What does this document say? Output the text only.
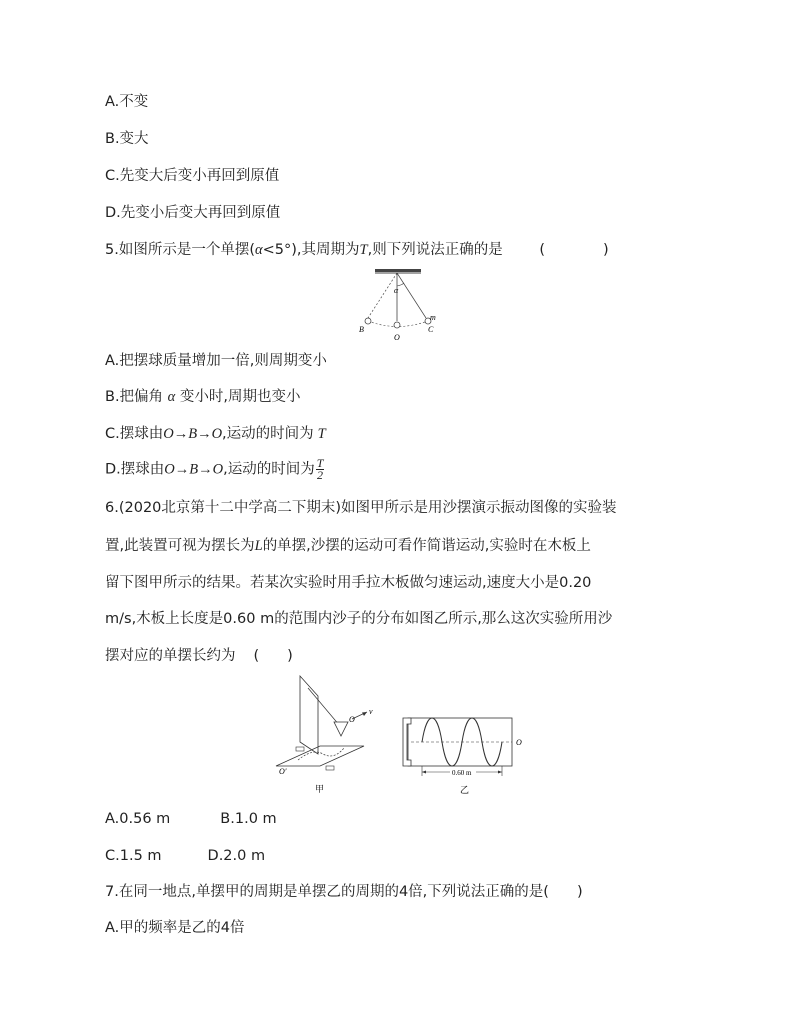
A.不变
B.变大
C.先变大后变小再回到原值
D.先变小后变大再回到原值
5.如图所示是一个单摆(α<5°),其周期为T,则下列说法正确的是	(	)
α
B
O
C
m
A.把摆球质量增加一倍,则周期变小
B.把偏角 α 变小时,周期也变小
C.摆球由O→B→O,运动的时间为 T
D.摆球由O→B→O,运动的时间为 $\frac{T}{2}$
6.(2020北京第十二中学高二下期末)如图甲所示是用沙摆演示振动图像的实验装
置,此装置可视为摆长为L的单摆,沙摆的运动可看作简谐运动,实验时在木板上
留下图甲所示的结果。若某次实验时用手拉木板做匀速运动,速度大小是0.20
m/s,木板上长度是0.60 m的范围内沙子的分布如图乙所示,那么这次实验所用沙
摆对应的单摆长约为 ( )
O
v
O′
甲
0.60 m
O
乙
A.0.56 m	B.1.0 m
C.1.5 m	D.2.0 m
7.在同一地点,单摆甲的周期是单摆乙的周期的4倍,下列说法正确的是( )
A.甲的频率是乙的4倍
